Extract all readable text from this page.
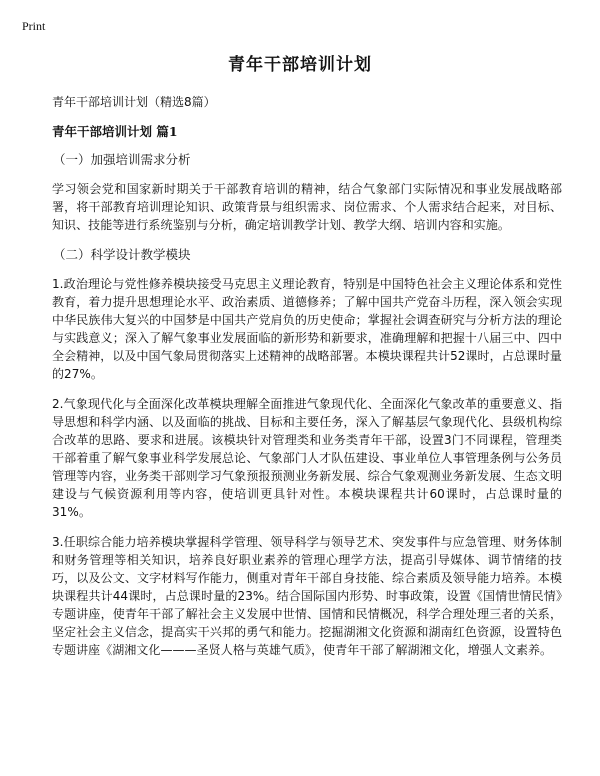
Print
青年干部培训计划

青年干部培训计划（精选8篇）

青年干部培训计划 篇1

（一）加强培训需求分析

学习领会党和国家新时期关于干部教育培训的精神，结合气象部门实际情况和事业发展战略部署，将干部教育培训理论知识、政策背景与组织需求、岗位需求、个人需求结合起来，对目标、知识、技能等进行系统鉴别与分析，确定培训教学计划、教学大纲、培训内容和实施。

（二）科学设计教学模块

1.政治理论与党性修养模块接受马克思主义理论教育，特别是中国特色社会主义理论体系和党性教育，着力提升思想理论水平、政治素质、道德修养；了解中国共产党奋斗历程，深入领会实现中华民族伟大复兴的中国梦是中国共产党肩负的历史使命；掌握社会调查研究与分析方法的理论与实践意义；深入了解气象事业发展面临的新形势和新要求，准确理解和把握十八届三中、四中全会精神，以及中国气象局贯彻落实上述精神的战略部署。本模块课程共计52课时，占总课时量的27%。

2.气象现代化与全面深化改革模块理解全面推进气象现代化、全面深化气象改革的重要意义、指导思想和科学内涵、以及面临的挑战、目标和主要任务，深入了解基层气象现代化、县级机构综合改革的思路、要求和进展。该模块针对管理类和业务类青年干部，设置3门不同课程，管理类干部着重了解气象事业科学发展总论、气象部门人才队伍建设、事业单位人事管理条例与公务员管理等内容，业务类干部则学习气象预报预测业务新发展、综合气象观测业务新发展、生态文明建设与气候资源利用等内容，使培训更具针对性。本模块课程共计60课时，占总课时量的31%。

3.任职综合能力培养模块掌握科学管理、领导科学与领导艺术、突发事件与应急管理、财务体制和财务管理等相关知识，培养良好职业素养的管理心理学方法，提高引导媒体、调节情绪的技巧，以及公文、文字材料写作能力，侧重对青年干部自身技能、综合素质及领导能力培养。本模块课程共计44课时，占总课时量的23%。结合国际国内形势、时事政策，设置《国情世情民情》专题讲座，使青年干部了解社会主义发展中世情、国情和民情概况，科学合理处理三者的关系，坚定社会主义信念，提高实干兴邦的勇气和能力。挖掘湖湘文化资源和湖南红色资源，设置特色专题讲座《湖湘文化———圣贤人格与英雄气质》，使青年干部了解湖湘文化，增强人文素养。
